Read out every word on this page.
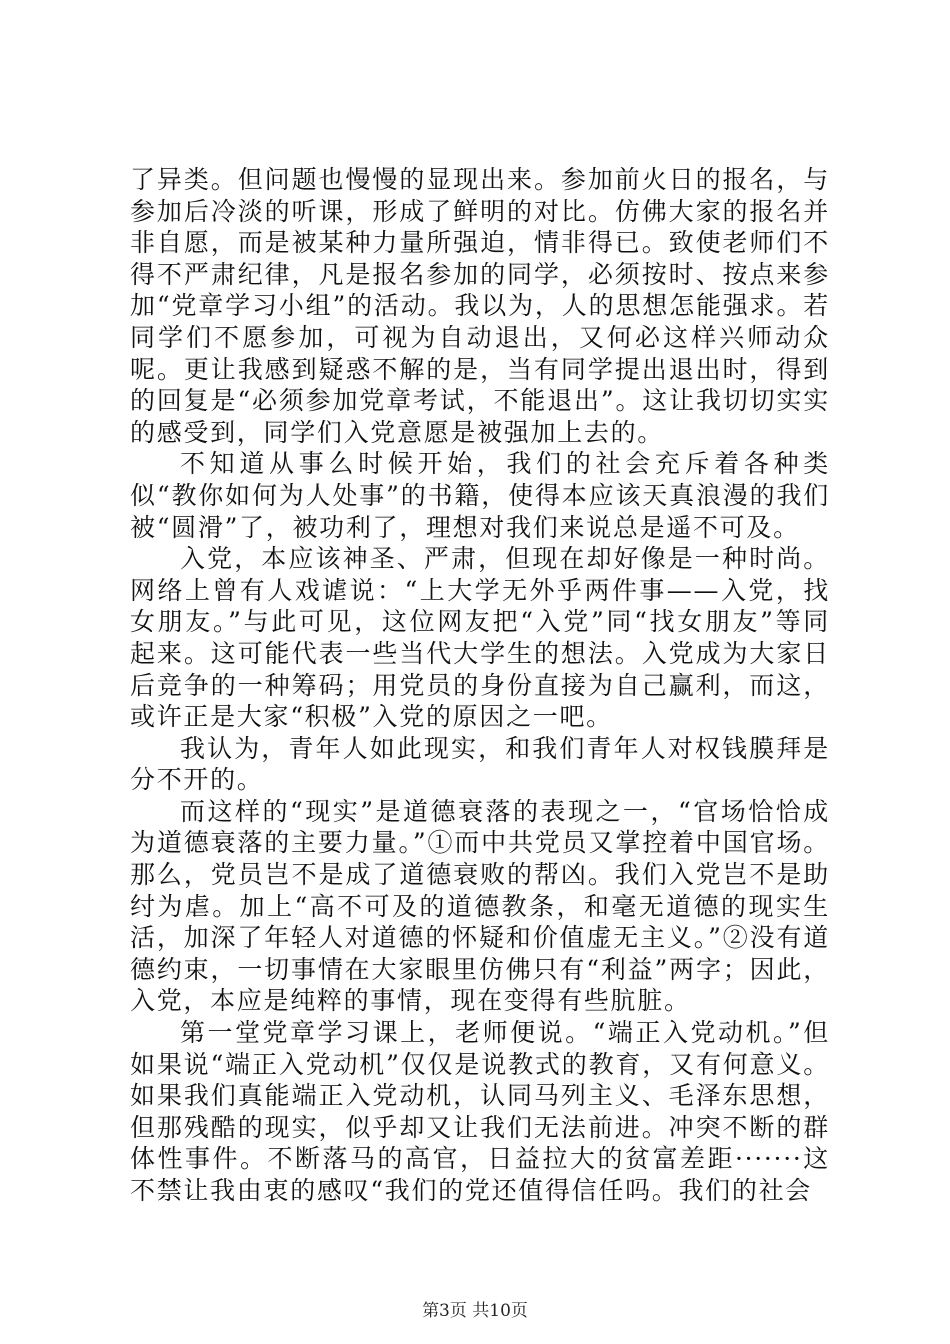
了异类。但问题也慢慢的显现出来。参加前火日的报名，与参加后冷淡的听课，形成了鲜明的对比。仿佛大家的报名并非自愿，而是被某种力量所强迫，情非得已。致使老师们不得不严肃纪律，凡是报名参加的同学，必须按时、按点来参加“党章学习小组”的活动。我以为，人的思想怎能强求。若同学们不愿参加，可视为自动退出，又何必这样兴师动众呢。更让我感到疑惑不解的是，当有同学提出退出时，得到的回复是“必须参加党章考试，不能退出”。这让我切切实实的感受到，同学们入党意愿是被强加上去的。

不知道从事么时候开始，我们的社会充斥着各种类似“教你如何为人处事”的书籍，使得本应该天真浪漫的我们被“圆滑”了，被功利了，理想对我们来说总是遥不可及。

入党，本应该神圣、严肃，但现在却好像是一种时尚。网络上曾有人戏谑说：“上大学无外乎两件事——入党，找女朋友。”与此可见，这位网友把“入党”同“找女朋友”等同起来。这可能代表一些当代大学生的想法。入党成为大家日后竞争的一种筹码；用党员的身份直接为自己赢利，而这，或许正是大家“积极”入党的原因之一吧。

我认为，青年人如此现实，和我们青年人对权钱膜拜是分不开的。

而这样的“现实”是道德衰落的表现之一，“官场恰恰成为道德衰落的主要力量。”①而中共党员又掌控着中国官场。那么，党员岂不是成了道德衰败的帮凶。我们入党岂不是助纣为虐。加上“高不可及的道德教条，和毫无道德的现实生活，加深了年轻人对道德的怀疑和价值虚无主义。”②没有道德约束，一切事情在大家眼里仿佛只有“利益”两字；因此，入党，本应是纯粹的事情，现在变得有些肮脏。

第一堂党章学习课上，老师便说。“端正入党动机。”但如果说“端正入党动机”仅仅是说教式的教育，又有何意义。如果我们真能端正入党动机，认同马列主义、毛泽东思想，但那残酷的现实，似乎却又让我们无法前进。冲突不断的群体性事件。不断落马的高官，日益拉大的贫富差距·······这不禁让我由衷的感叹“我们的党还值得信任吗。我们的社会

第3页 共10页
